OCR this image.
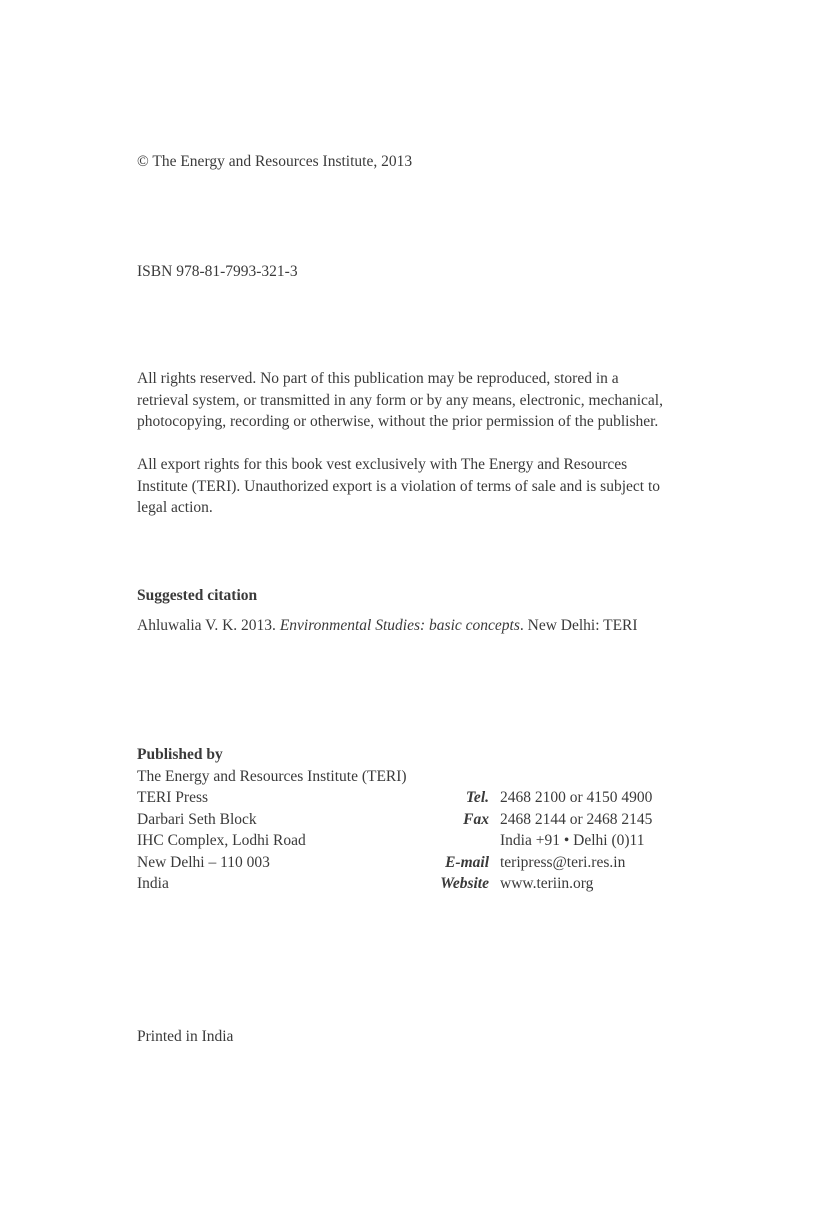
© The Energy and Resources Institute, 2013
ISBN 978-81-7993-321-3

All rights reserved. No part of this publication may be reproduced, stored in a retrieval system, or transmitted in any form or by any means, electronic, mechanical, photocopying, recording or otherwise, without the prior permission of the publisher.

All export rights for this book vest exclusively with The Energy and Resources Institute (TERI). Unauthorized export is a violation of terms of sale and is subject to legal action.

Suggested citation

Ahluwalia V. K. 2013. Environmental Studies: basic concepts. New Delhi: TERI

Published by

The Energy and Resources Institute (TERI)
TERI Press	Tel. 2468 2100 or 4150 4900
Darbari Seth Block	Fax 2468 2144 or 2468 2145
IHC Complex, Lodhi Road	India +91 • Delhi (0)11
New Delhi – 110 003	E-mail teripress@teri.res.in
India	Website www.teriin.org
Printed in India
